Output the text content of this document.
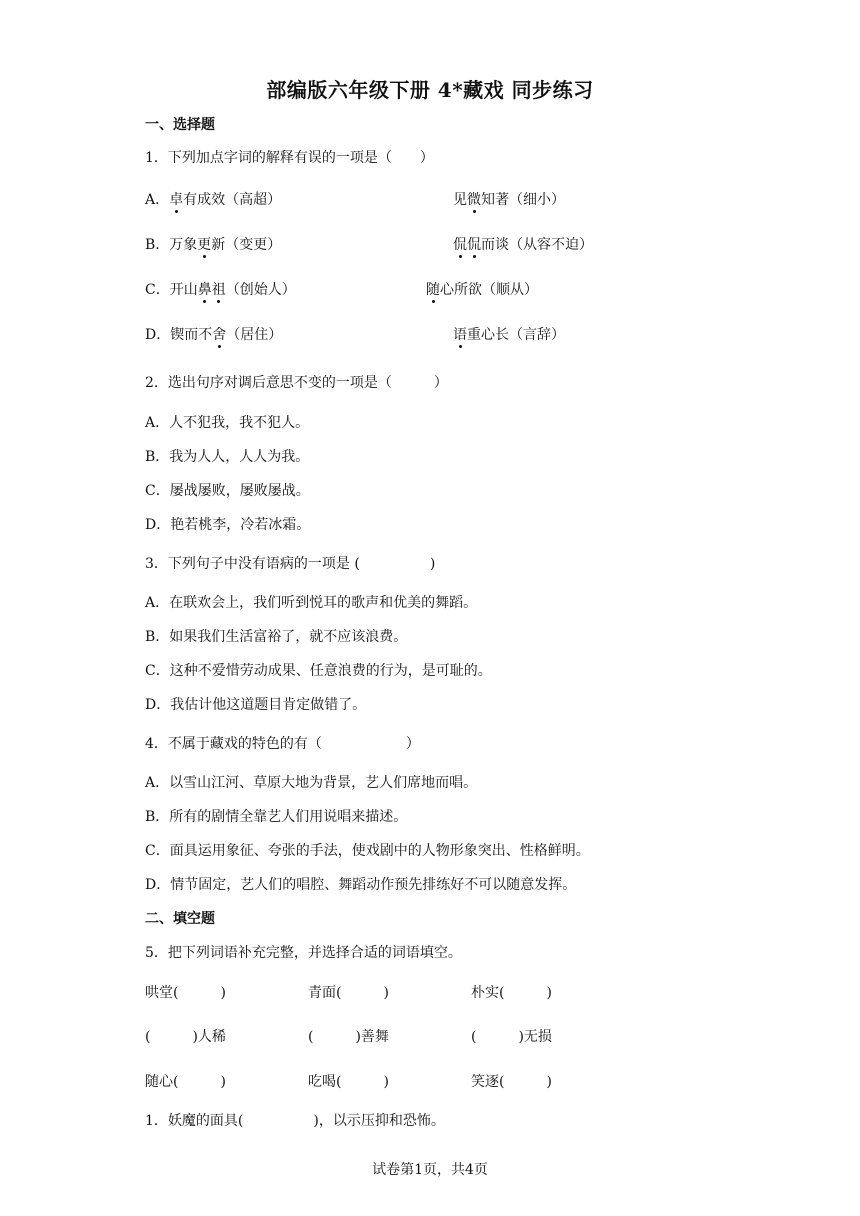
部编版六年级下册 4*藏戏 同步练习
一、选择题
1．下列加点字词的解释有误的一项是（　　）
A．卓有成效（高超）	见微知著（细小）
B．万象更新（变更）	侃侃而谈（从容不迫）
C．开山鼻祖（创始人）	随心所欲（顺从）
D．锲而不舍（居住）	语重心长（言辞）
2．选出句序对调后意思不变的一项是（　　　）
A．人不犯我，我不犯人。
B．我为人人，人人为我。
C．屡战屡败，屡败屡战。
D．艳若桃李，冷若冰霜。
3．下列句子中没有语病的一项是 (　　　　　)
A．在联欢会上，我们听到悦耳的歌声和优美的舞蹈。
B．如果我们生活富裕了，就不应该浪费。
C．这种不爱惜劳动成果、任意浪费的行为，是可耻的。
D．我估计他这道题目肯定做错了。
4．不属于藏戏的特色的有（　　　　　　）
A．以雪山江河、草原大地为背景，艺人们席地而唱。
B．所有的剧情全靠艺人们用说唱来描述。
C．面具运用象征、夸张的手法，使戏剧中的人物形象突出、性格鲜明。
D．情节固定，艺人们的唱腔、舞蹈动作预先排练好不可以随意发挥。
二、填空题
5．把下列词语补充完整，并选择合适的词语填空。
哄堂(　　　)	青面(　　　)	朴实(　　　)
(　　　)人稀	(　　　)善舞	(　　　)无损
随心(　　　)	吃喝(　　　)	笑逐(　　　)
1．妖魔的面具(　　　　　)，以示压抑和恐怖。
试卷第1页，共4页
